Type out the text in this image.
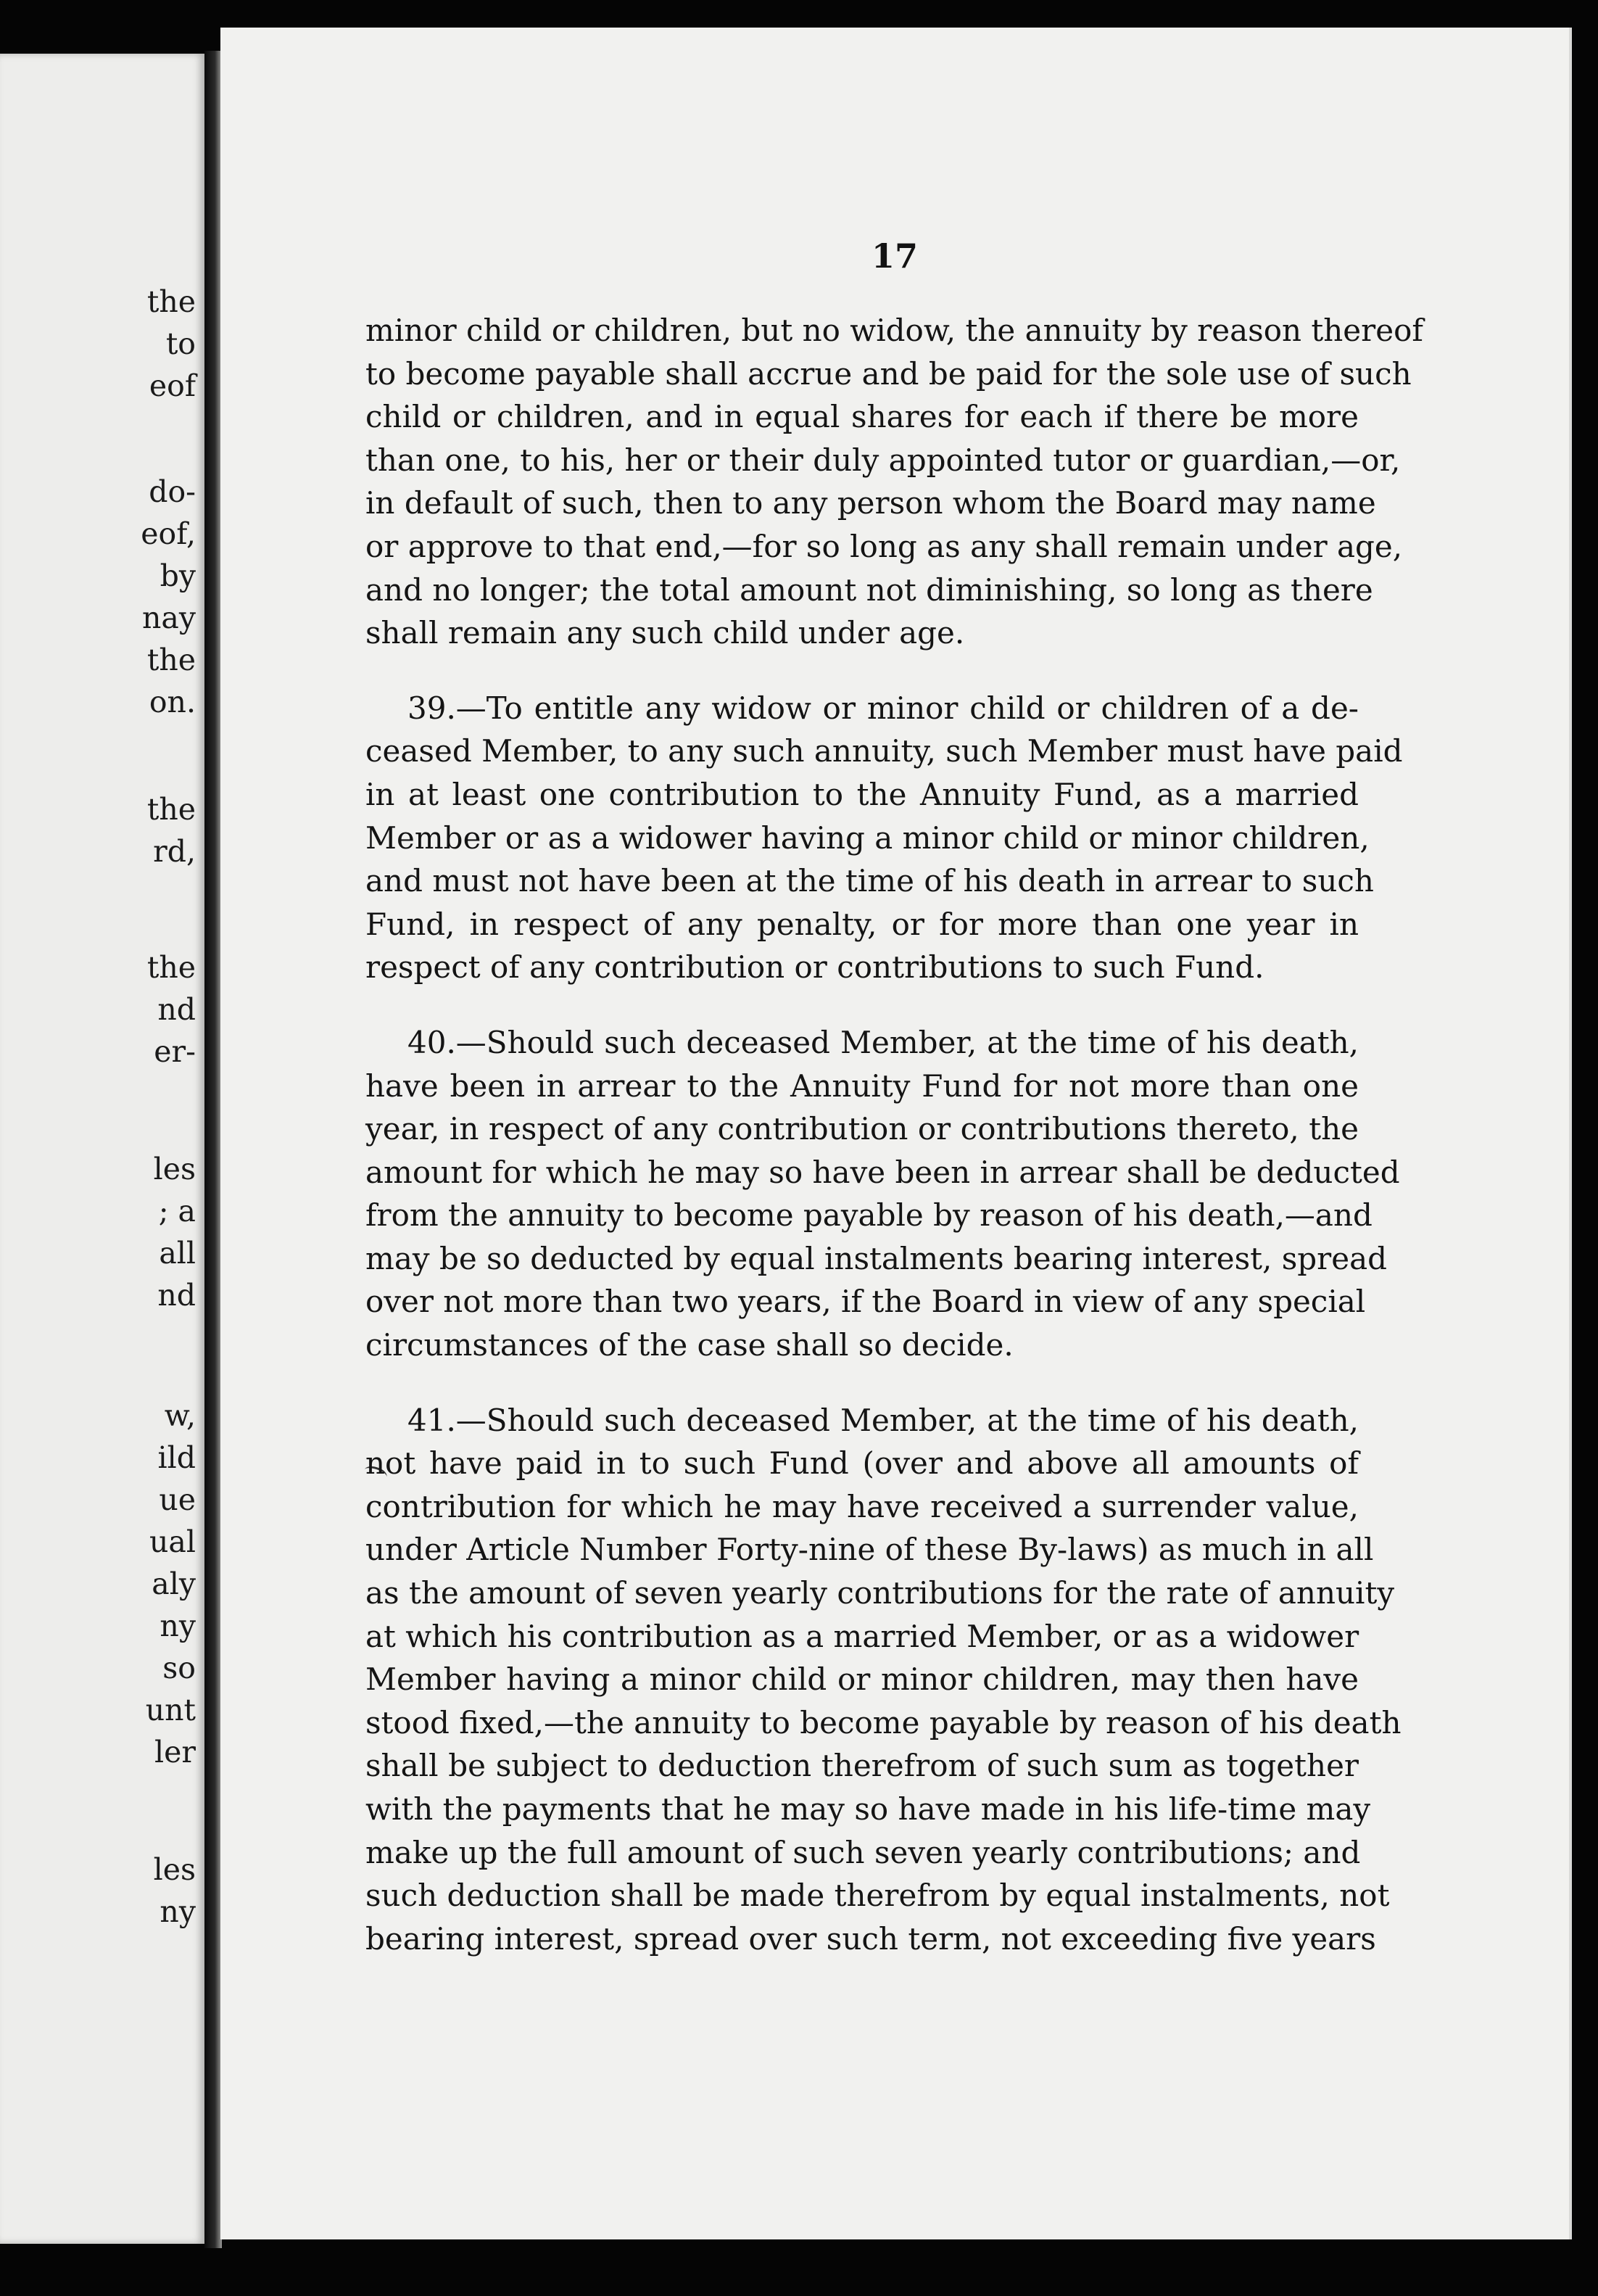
the
to
eof
do-
eof,
by
nay
the
on.
the
rd,
the
nd
er-
les
; a
all
nd
w,
ild
ue
ual
aly
ny
so
unt
ler
les
ny
17
minor child or children, but no widow, the annuity by reason thereof
to become payable shall accrue and be paid for the sole use of such
child or children, and in equal shares for each if there be more
than one, to his, her or their duly appointed tutor or guardian,—or,
in default of such, then to any person whom the Board may name
or approve to that end,—for so long as any shall remain under age,
and no longer; the total amount not diminishing, so long as there
shall remain any such child under age.
39.—To entitle any widow or minor child or children of a de-
ceased Member, to any such annuity, such Member must have paid
in at least one contribution to the Annuity Fund, as a married
Member or as a widower having a minor child or minor children,
and must not have been at the time of his death in arrear to such
Fund, in respect of any penalty, or for more than one year in
respect of any contribution or contributions to such Fund.
40.—Should such deceased Member, at the time of his death,
have been in arrear to the Annuity Fund for not more than one
year, in respect of any contribution or contributions thereto, the
amount for which he may so have been in arrear shall be deducted
from the annuity to become payable by reason of his death,—and
may be so deducted by equal instalments bearing interest, spread
over not more than two years, if the Board in view of any special
circumstances of the case shall so decide.
41.—Should such deceased Member, at the time of his death,
not have paid in to such Fund (over and above all amounts of
contribution for which he may have received a surrender value,
under Article Number Forty-nine of these By-laws) as much in all
as the amount of seven yearly contributions for the rate of annuity
at which his contribution as a married Member, or as a widower
Member having a minor child or minor children, may then have
stood fixed,—the annuity to become payable by reason of his death
shall be subject to deduction therefrom of such sum as together
with the payments that he may so have made in his life-time may
make up the full amount of such seven yearly contributions; and
such deduction shall be made therefrom by equal instalments, not
bearing interest, spread over such term, not exceeding five years
